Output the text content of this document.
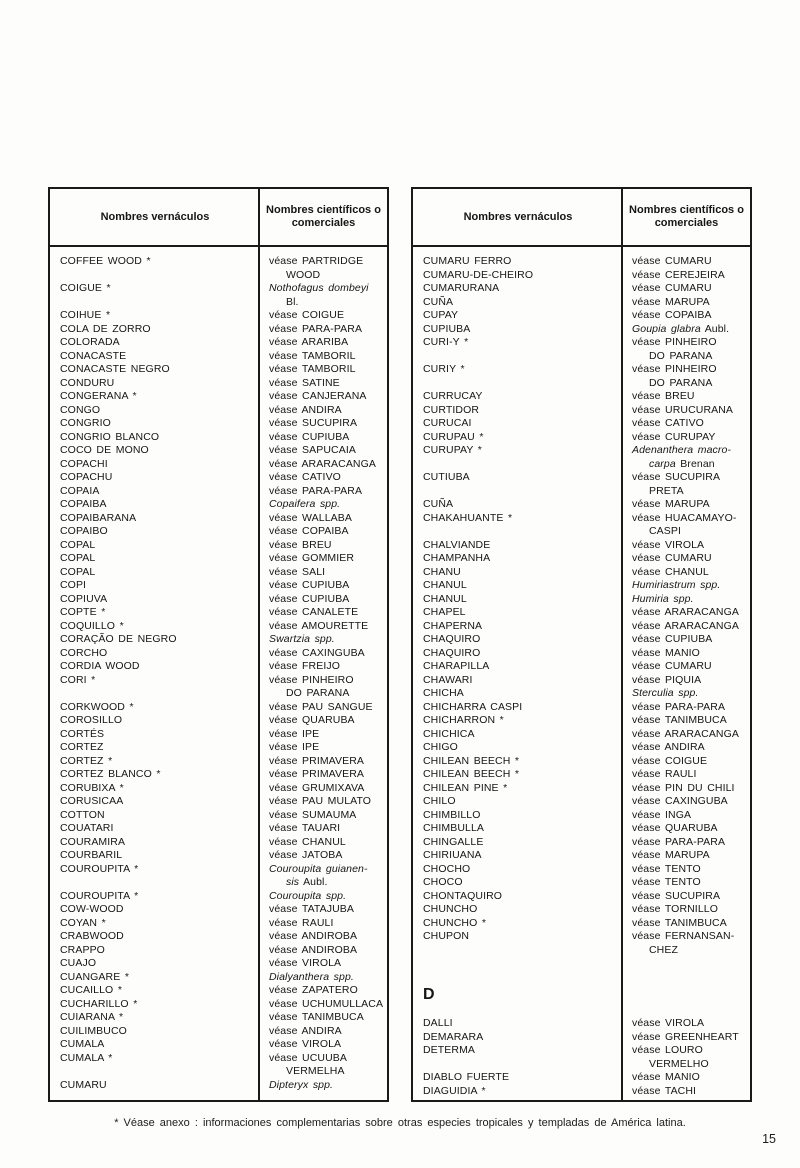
Nombres vernáculos
Nombres científicos o comerciales
COFFEE WOOD *	véase PARTRIDGE
WOOD
COIGUE *	Nothofagus dombeyi
Bl.
COIHUE *	véase COIGUE
COLA DE ZORRO	véase PARA-PARA
COLORADA	véase ARARIBA
CONACASTE	véase TAMBORIL
CONACASTE NEGRO	véase TAMBORIL
CONDURU	véase SATINE
CONGERANA *	véase CANJERANA
CONGO	véase ANDIRA
CONGRIO	véase SUCUPIRA
CONGRIO BLANCO	véase CUPIUBA
COCO DE MONO	véase SAPUCAIA
COPACHI	véase ARARACANGA
COPACHU	véase CATIVO
COPAIA	véase PARA-PARA
COPAIBA	Copaifera spp.
COPAIBARANA	véase WALLABA
COPAIBO	véase COPAIBA
COPAL	véase BREU
COPAL	véase GOMMIER
COPAL	véase SALI
COPI	véase CUPIUBA
COPIUVA	véase CUPIUBA
COPTE *	véase CANALETE
COQUILLO *	véase AMOURETTE
CORAÇÃO DE NEGRO	Swartzia spp.
CORCHO	véase CAXINGUBA
CORDIA WOOD	véase FREIJO
CORI *	véase PINHEIRO
DO PARANA
CORKWOOD *	véase PAU SANGUE
COROSILLO	véase QUARUBA
CORTÉS	véase IPE
CORTEZ	véase IPE
CORTEZ *	véase PRIMAVERA
CORTEZ BLANCO *	véase PRIMAVERA
CORUBIXA *	véase GRUMIXAVA
CORUSICAA	véase PAU MULATO
COTTON	véase SUMAUMA
COUATARI	véase TAUARI
COURAMIRA	véase CHANUL
COURBARIL	véase JATOBA
COUROUPITA *	Couroupita guianen-
sis Aubl.
COUROUPITA *	Couroupita spp.
COW-WOOD	véase TATAJUBA
COYAN *	véase RAULI
CRABWOOD	véase ANDIROBA
CRAPPO	véase ANDIROBA
CUAJO	véase VIROLA
CUANGARE *	Dialyanthera spp.
CUCAILLO *	véase ZAPATERO
CUCHARILLO *	véase UCHUMULLACA
CUIARANA *	véase TANIMBUCA
CUILIMBUCO	véase ANDIRA
CUMALA	véase VIROLA
CUMALA *	véase UCUUBA
VERMELHA
CUMARU	Dipteryx spp.
Nombres vernáculos
Nombres científicos o comerciales
CUMARU FERRO	véase CUMARU
CUMARU-DE-CHEIRO	véase CEREJEIRA
CUMARURANA	véase CUMARU
CUÑA	véase MARUPA
CUPAY	véase COPAIBA
CUPIUBA	Goupia glabra Aubl.
CURI-Y *	véase PINHEIRO
DO PARANA
CURIY *	véase PINHEIRO
DO PARANA
CURRUCAY	véase BREU
CURTIDOR	véase URUCURANA
CURUCAI	véase CATIVO
CURUPAU *	véase CURUPAY
CURUPAY *	Adenanthera macro-
carpa Brenan
CUTIUBA	véase SUCUPIRA
PRETA
CUÑA	véase MARUPA
CHAKAHUANTE *	véase HUACAMAYO-
CASPI
CHALVIANDE	véase VIROLA
CHAMPANHA	véase CUMARU
CHANU	véase CHANUL
CHANUL	Humiriastrum spp.
CHANUL	Humiria spp.
CHAPEL	véase ARARACANGA
CHAPERNA	véase ARARACANGA
CHAQUIRO	véase CUPIUBA
CHAQUIRO	véase MANIO
CHARAPILLA	véase CUMARU
CHAWARI	véase PIQUIA
CHICHA	Sterculia spp.
CHICHARRA CASPI	véase PARA-PARA
CHICHARRON *	véase TANIMBUCA
CHICHICA	véase ARARACANGA
CHIGO	véase ANDIRA
CHILEAN BEECH *	véase COIGUE
CHILEAN BEECH *	véase RAULI
CHILEAN PINE *	véase PIN DU CHILI
CHILO	véase CAXINGUBA
CHIMBILLO	véase INGA
CHIMBULLA	véase QUARUBA
CHINGALLE	véase PARA-PARA
CHIRIUANA	véase MARUPA
CHOCHO	véase TENTO
CHOCO	véase TENTO
CHONTAQUIRO	véase SUCUPIRA
CHUNCHO	véase TORNILLO
CHUNCHO *	véase TANIMBUCA
CHUPON	véase FERNANSAN-
CHEZ
D
DALLI	véase VIROLA
DEMARARA	véase GREENHEART
DETERMA	véase LOURO
VERMELHO
DIABLO FUERTE	véase MANIO
DIAGUIDIA *	véase TACHI
* Véase anexo : informaciones complementarias sobre otras especies tropicales y templadas de América latina.
15
